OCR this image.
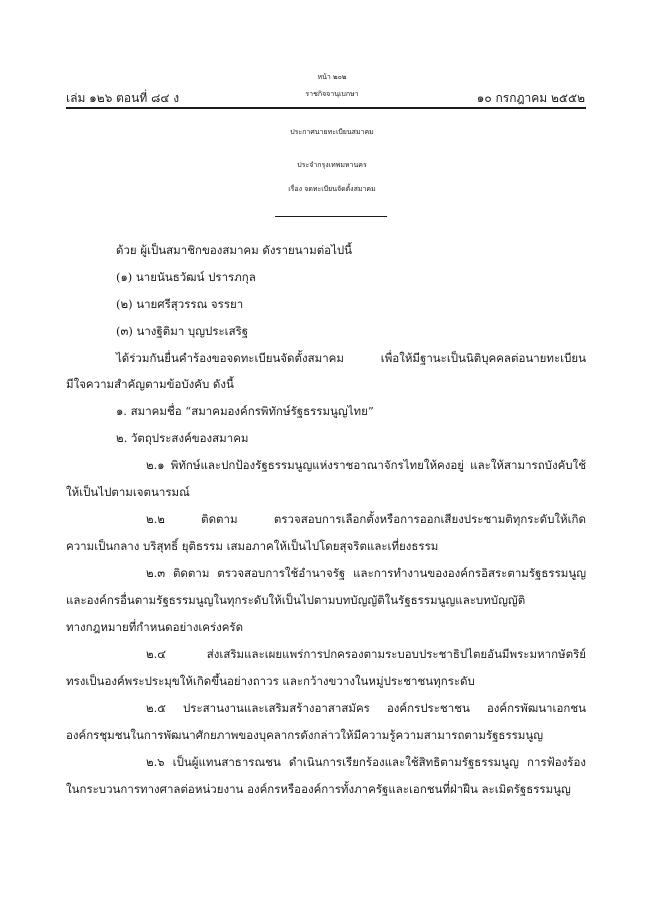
หน้า ๒๐๒
เล่ม ๑๒๖ ตอนที่ ๘๔ ง	ราชกิจจานุเบกษา	๑๐ กรกฎาคม ๒๕๕๒
ประกาศนายทะเบียนสมาคม
ประจำกรุงเทพมหานคร
เรื่อง จดทะเบียนจัดตั้งสมาคม
ด้วย ผู้เป็นสมาชิกของสมาคม ดังรายนามต่อไปนี้
(๑) นายนันธวัฒน์ ปรารภกุล
(๒) นายศรีสุวรรณ จรรยา
(๓) นางฐิติมา บุญประเสริฐ
ได้ร่วมกันยื่นคำร้องขอจดทะเบียนจัดตั้งสมาคม เพื่อให้มีฐานะเป็นนิติบุคคลต่อนายทะเบียน
มีใจความสำคัญตามข้อบังคับ ดังนี้
๑. สมาคมชื่อ “สมาคมองค์กรพิทักษ์รัฐธรรมนูญไทย”
๒. วัตถุประสงค์ของสมาคม
๒.๑ พิทักษ์และปกป้องรัฐธรรมนูญแห่งราชอาณาจักรไทยให้คงอยู่ และให้สามารถบังคับใช้
ให้เป็นไปตามเจตนารมณ์
๒.๒ ติดตาม ตรวจสอบการเลือกตั้งหรือการออกเสียงประชามติทุกระดับให้เกิด
ความเป็นกลาง บริสุทธิ์ ยุติธรรม เสมอภาคให้เป็นไปโดยสุจริตและเที่ยงธรรม
๒.๓ ติดตาม ตรวจสอบการใช้อำนาจรัฐ และการทำงานขององค์กรอิสระตามรัฐธรรมนูญ
และองค์กรอื่นตามรัฐธรรมนูญในทุกระดับให้เป็นไปตามบทบัญญัติในรัฐธรรมนูญและบทบัญญัติ
ทางกฎหมายที่กำหนดอย่างเคร่งครัด
๒.๔ ส่งเสริมและเผยแพร่การปกครองตามระบอบประชาธิปไตยอันมีพระมหากษัตริย์
ทรงเป็นองค์พระประมุขให้เกิดขึ้นอย่างถาวร และกว้างขวางในหมู่ประชาชนทุกระดับ
๒.๕ ประสานงานและเสริมสร้างอาสาสมัคร องค์กรประชาชน องค์กรพัฒนาเอกชน
องค์กรชุมชนในการพัฒนาศักยภาพของบุคลากรดังกล่าวให้มีความรู้ความสามารถตามรัฐธรรมนูญ
๒.๖ เป็นผู้แทนสาธารณชน ดำเนินการเรียกร้องและใช้สิทธิตามรัฐธรรมนูญ การฟ้องร้อง
ในกระบวนการทางศาลต่อหน่วยงาน องค์กรหรือองค์การทั้งภาครัฐและเอกชนที่ฝ่าฝืน ละเมิดรัฐธรรมนูญ
